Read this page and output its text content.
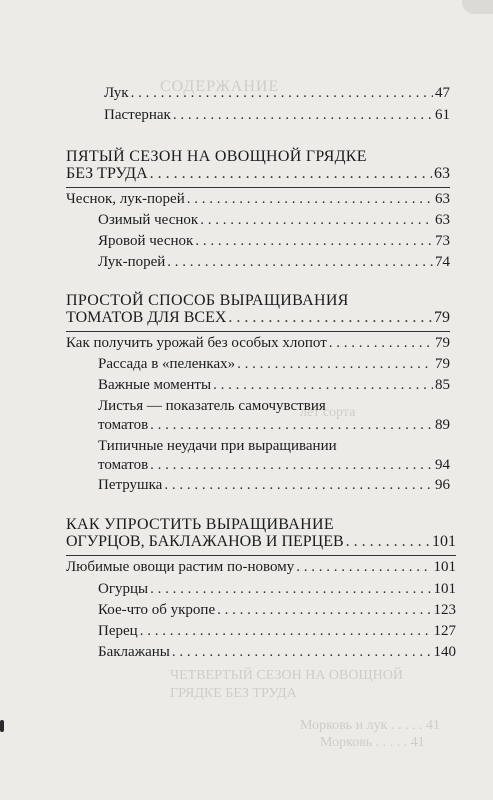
СОДЕРЖАНИЕ
лет сорта
ЧЕТВЕРТЫЙ СЕЗОН НА ОВОЩНОЙ
ГРЯДКЕ БЕЗ ТРУДА
Морковь и лук . . . . . 41
Морковь . . . . . 41
Лук . . .	47
Пастернак . . .	61
ПЯТЫЙ СЕЗОН НА ОВОЩНОЙ ГРЯДКЕ
БЕЗ ТРУДА . . .	63
Чеснок, лук-порей . . .	63
Озимый чеснок . . .	63
Яровой чеснок . . .	73
Лук-порей . . .	74
ПРОСТОЙ СПОСОБ ВЫРАЩИВАНИЯ
ТОМАТОВ ДЛЯ ВСЕХ . . .	79
Как получить урожай без особых хлопот . . .	79
Рассада в «пеленках» . . .	79
Важные моменты . . .	85
Листья — показатель самочувствия
томатов . . .	89
Типичные неудачи при выращивании
томатов . . .	94
Петрушка . . .	96
КАК УПРОСТИТЬ ВЫРАЩИВАНИЕ
ОГУРЦОВ, БАКЛАЖАНОВ И ПЕРЦЕВ . . .	101
Любимые овощи растим по-новому . . .	101
Огурцы . . .	101
Кое-что об укропе . . .	123
Перец . . .	127
Баклажаны . . .	140
